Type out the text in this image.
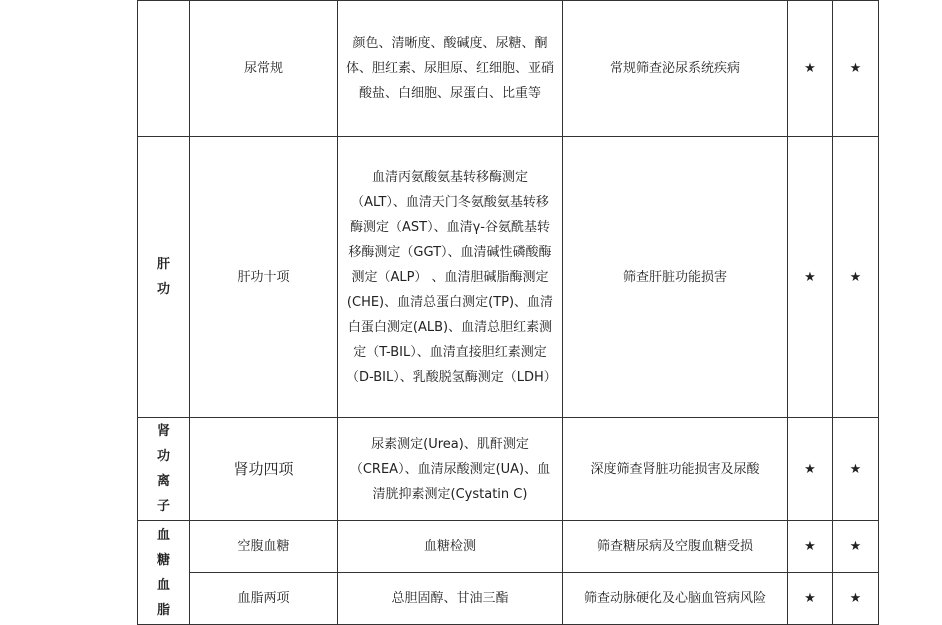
	尿常规	颜色、清晰度、酸碱度、尿糖、酮体、胆红素、尿胆原、红细胞、亚硝酸盐、白细胞、尿蛋白、比重等	常规筛查泌尿系统疾病	★	★

肝
功	肝功十项	血清丙氨酸氨基转移酶测定（ALT）、血清天门冬氨酸氨基转移酶测定（AST）、血清γ-谷氨酰基转移酶测定（GGT）、血清碱性磷酸酶测定（ALP） 、血清胆碱脂酶测定(CHE)、血清总蛋白测定(TP)、血清白蛋白测定(ALB)、血清总胆红素测定（T-BIL）、血清直接胆红素测定（D-BIL）、乳酸脱氢酶测定（LDH）	筛查肝脏功能损害	★	★

肾
功
离
子	肾功四项	尿素测定(Urea)、肌酐测定（CREA）、血清尿酸测定(UA)、血清胱抑素测定(Cystatin C)	深度筛查肾脏功能损害及尿酸	★	★

血
糖
血
脂	空腹血糖	血糖检测	筛查糖尿病及空腹血糖受损	★	★
	血脂两项	总胆固醇、甘油三酯	筛查动脉硬化及心脑血管病风险	★	★
